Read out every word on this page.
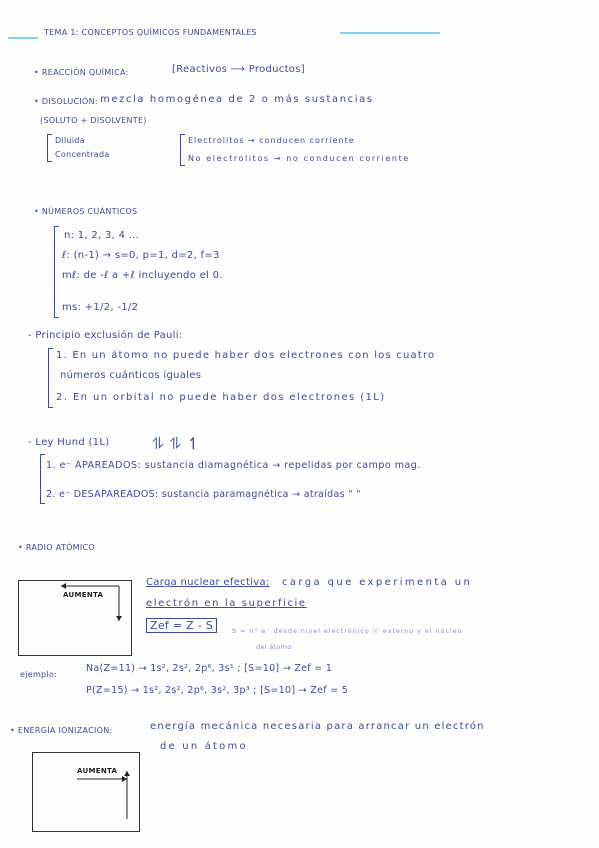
TEMA 1: CONCEPTOS QUÍMICOS FUNDAMENTALES
• REACCIÓN QUÍMICA:	[Reactivos ⟶ Productos]
• DISOLUCIÓN: mezcla homogénea de 2 o más sustancias
(SOLUTO + DISOLVENTE)
Diluida
Concentrada
Electrolitos → conducen corriente
No electrolitos → no conducen corriente
• NÚMEROS CUÁNTICOS
n: 1, 2, 3, 4 ...
ℓ: (n-1) → s=0, p=1, d=2, f=3
mℓ: de -ℓ a +ℓ incluyendo el 0.
ms: +1/2, -1/2
- Principio exclusión de Pauli:
1. En un átomo no puede haber dos electrones con los cuatro
números cuánticos iguales
2. En un orbital no puede haber dos electrones (1L)
- Ley Hund (1L)	⥮ ⥮ ↿
1. e⁻ APAREADOS: sustancia diamagnética → repelidas por campo mag.
2. e⁻ DESAPAREADOS: sustancia paramagnética → atraídas " "
• RADIO ATÓMICO
AUMENTA
Carga nuclear efectiva: carga que experimenta un
electrón en la superficie
Zef = Z - S	S = n° e⁻ desde nivel electrónico ⓔ externo y el núcleo
del átomo
ejemplo:
Na(Z=11) → 1s², 2s², 2p⁶, 3s¹ ; [S=10] → Zef = 1
P(Z=15) → 1s², 2s², 2p⁶, 3s², 3p³ ; [S=10] → Zef = 5
• ENERGÍA IONIZACIÓN:	energía mecánica necesaria para arrancar un electrón
de un átomo
AUMENTA
